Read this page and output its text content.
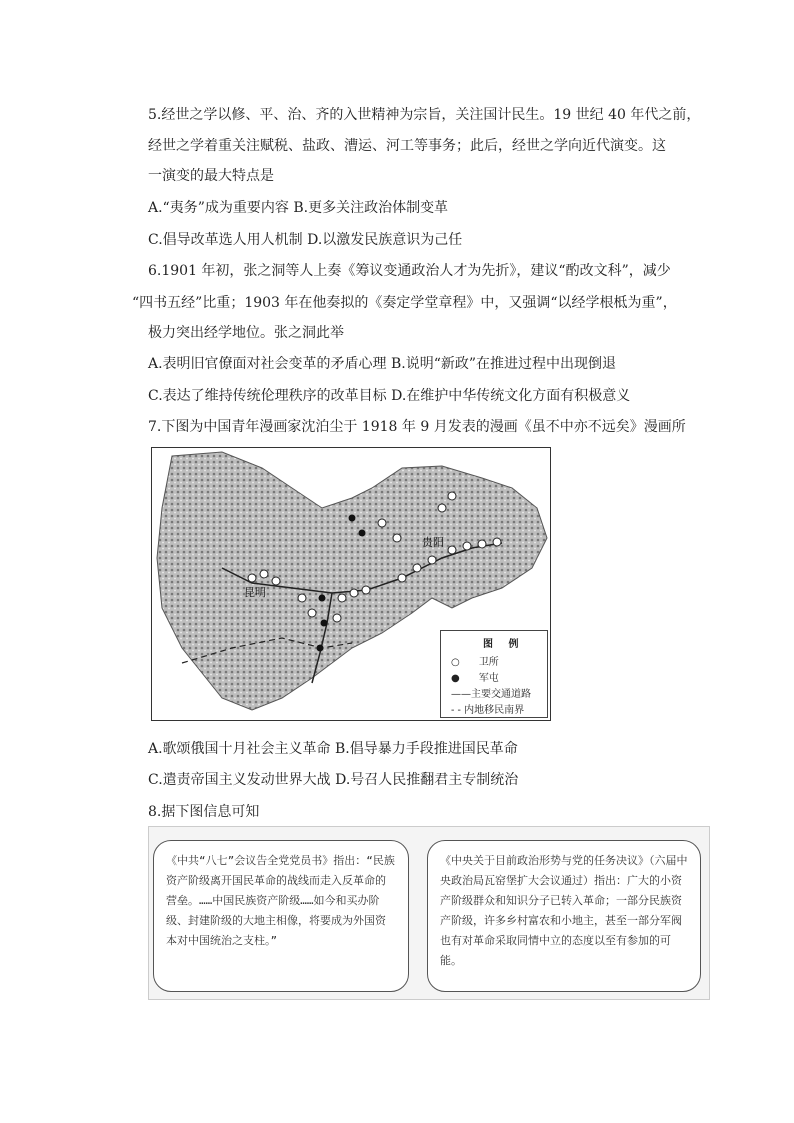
5.经世之学以修、平、治、齐的入世精神为宗旨，关注国计民生。19 世纪 40 年代之前，
经世之学着重关注赋税、盐政、漕运、河工等事务；此后，经世之学向近代演变。这
一演变的最大特点是
A.“夷务”成为重要内容 B.更多关注政治体制变革
C.倡导改革选人用人机制 D.以激发民族意识为己任
6.1901 年初，张之洞等人上奏《筹议变通政治人才为先折》，建议“酌改文科”，减少
“四书五经”比重；1903 年在他奏拟的《奏定学堂章程》中，又强调“以经学根柢为重”，
极力突出经学地位。张之洞此举
A.表明旧官僚面对社会变革的矛盾心理 B.说明“新政”在推进过程中出现倒退
C.表达了维持传统伦理秩序的改革目标 D.在维护中华传统文化方面有积极意义
7.下图为中国青年漫画家沈泊尘于 1918 年 9 月发表的漫画《虽不中亦不远矣》漫画所
贵阳
昆明
图 例
○ 卫所
● 军屯
——主要交通道路
- - 内地移民南界
A.歌颂俄国十月社会主义革命 B.倡导暴力手段推进国民革命
C.遣责帝国主义发动世界大战 D.号召人民推翻君主专制统治
8.据下图信息可知
《中共“八七”会议告全党党员书》指出：“民族资产阶级离开国民革命的战线而走入反革命的营垒。……中国民族资产阶级……如今和买办阶级、封建阶级的大地主相像，将要成为外国资本对中国统治之支柱。”
《中央关于目前政治形势与党的任务决议》（六届中央政治局瓦窑堡扩大会议通过）指出：广大的小资产阶级群众和知识分子已转入革命；一部分民族资产阶级，许多乡村富农和小地主，甚至一部分军阀也有对革命采取同情中立的态度以至有参加的可能。
